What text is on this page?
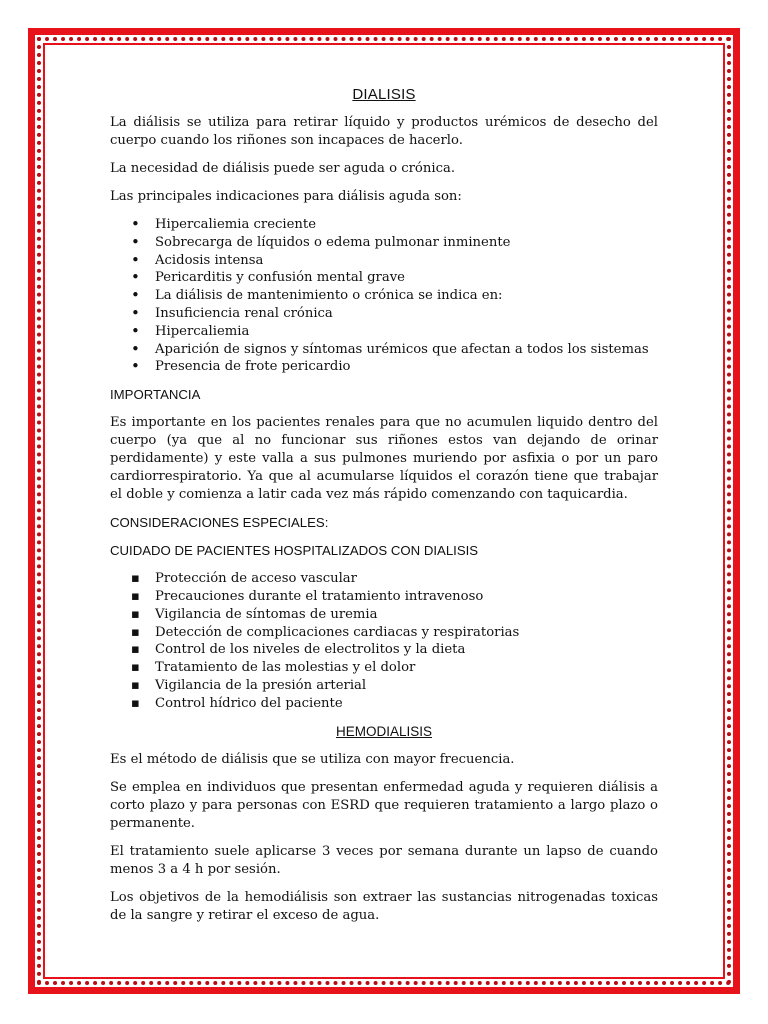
DIALISIS

La diálisis se utiliza para retirar líquido y productos urémicos de desecho del cuerpo cuando los riñones son incapaces de hacerlo.

La necesidad de diálisis puede ser aguda o crónica.

Las principales indicaciones para diálisis aguda son:

•
Hipercaliemia creciente
•
Sobrecarga de líquidos o edema pulmonar inminente
•
Acidosis intensa
•
Pericarditis y confusión mental grave
•
La diálisis de mantenimiento o crónica se indica en:
•
Insuficiencia renal crónica
•
Hipercaliemia
•
Aparición de signos y síntomas urémicos que afectan a todos los sistemas
•
Presencia de frote pericardio
IMPORTANCIA

Es importante en los pacientes renales para que no acumulen liquido dentro del cuerpo (ya que al no funcionar sus riñones estos van dejando de orinar perdidamente) y este valla a sus pulmones muriendo por asfixia o por un paro cardiorrespiratorio. Ya que al acumularse líquidos el corazón tiene que trabajar el doble y comienza a latir cada vez más rápido comenzando con taquicardia.

CONSIDERACIONES ESPECIALES:
CUIDADO DE PACIENTES HOSPITALIZADOS CON DIALISIS
▪
Protección de acceso vascular
▪
Precauciones durante el tratamiento intravenoso
▪
Vigilancia de síntomas de uremia
▪
Detección de complicaciones cardiacas y respiratorias
▪
Control de los niveles de electrolitos y la dieta
▪
Tratamiento de las molestias y el dolor
▪
Vigilancia de la presión arterial
▪
Control hídrico del paciente
HEMODIALISIS

Es el método de diálisis que se utiliza con mayor frecuencia.

Se emplea en individuos que presentan enfermedad aguda y requieren diálisis a corto plazo y para personas con ESRD que requieren tratamiento a largo plazo o permanente.

El tratamiento suele aplicarse 3 veces por semana durante un lapso de cuando menos 3 a 4 h por sesión.

Los objetivos de la hemodiálisis son extraer las sustancias nitrogenadas toxicas de la sangre y retirar el exceso de agua.
